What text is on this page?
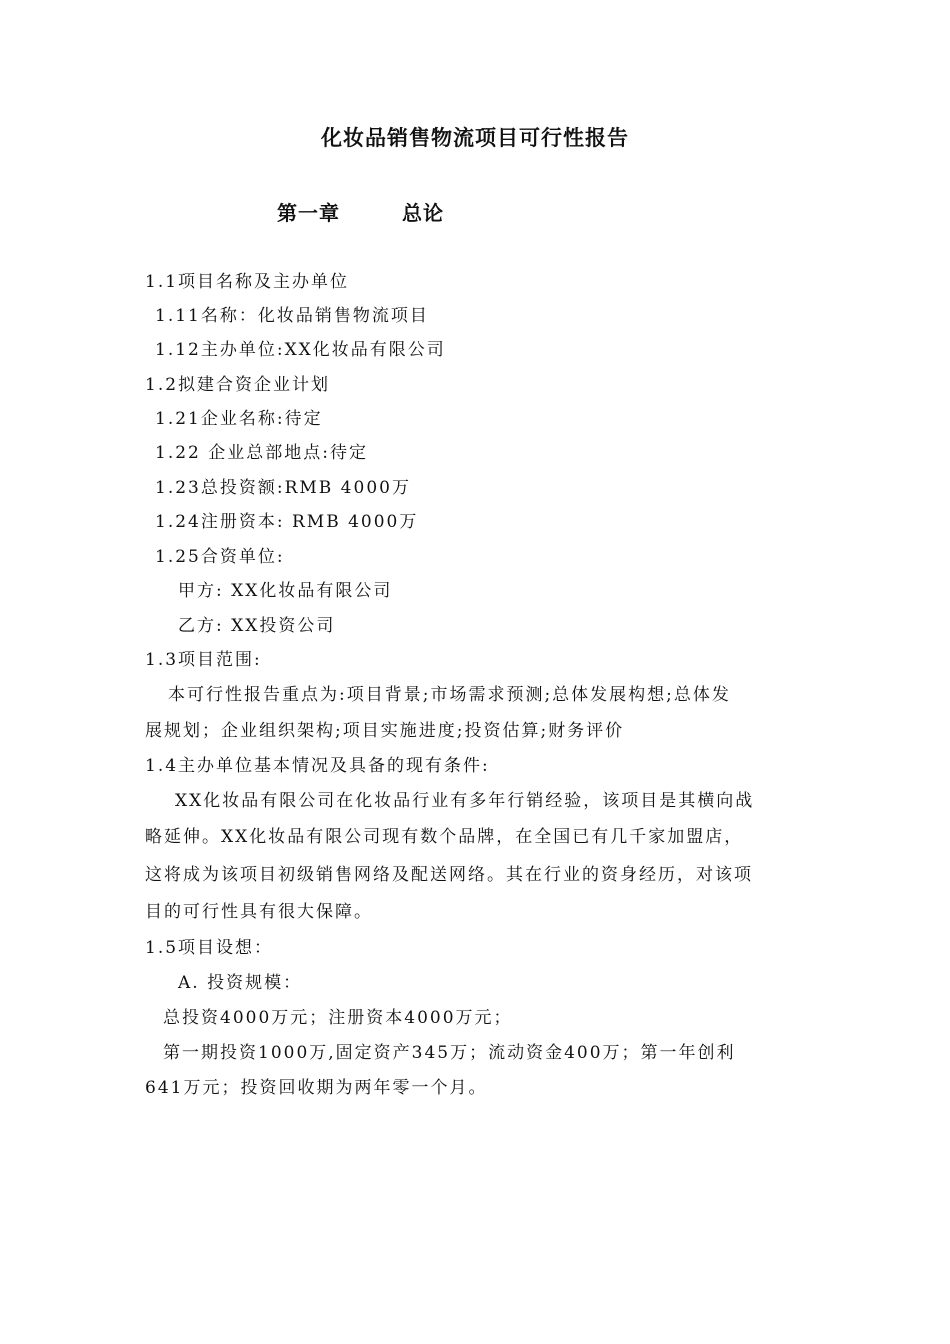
化妆品销售物流项目可行性报告
第一章	总论
1.1项目名称及主办单位
1.11名称：化妆品销售物流项目
1.12主办单位:XX化妆品有限公司
1.2拟建合资企业计划
1.21企业名称:待定
1.22 企业总部地点:待定
1.23总投资额:RMB 4000万
1.24注册资本: RMB 4000万
1.25合资单位:
甲方: XX化妆品有限公司
乙方: XX投资公司
1.3项目范围:
本可行性报告重点为:项目背景;市场需求预测;总体发展构想;总体发
展规划；企业组织架构;项目实施进度;投资估算;财务评价
1.4主办单位基本情况及具备的现有条件:
XX化妆品有限公司在化妆品行业有多年行销经验，该项目是其横向战
略延伸。XX化妆品有限公司现有数个品牌，在全国已有几千家加盟店，
这将成为该项目初级销售网络及配送网络。其在行业的资身经历，对该项
目的可行性具有很大保障。
1.5项目设想：
A. 投资规模：
总投资4000万元；注册资本4000万元；
第一期投资1000万,固定资产345万；流动资金400万；第一年创利
641万元；投资回收期为两年零一个月。
